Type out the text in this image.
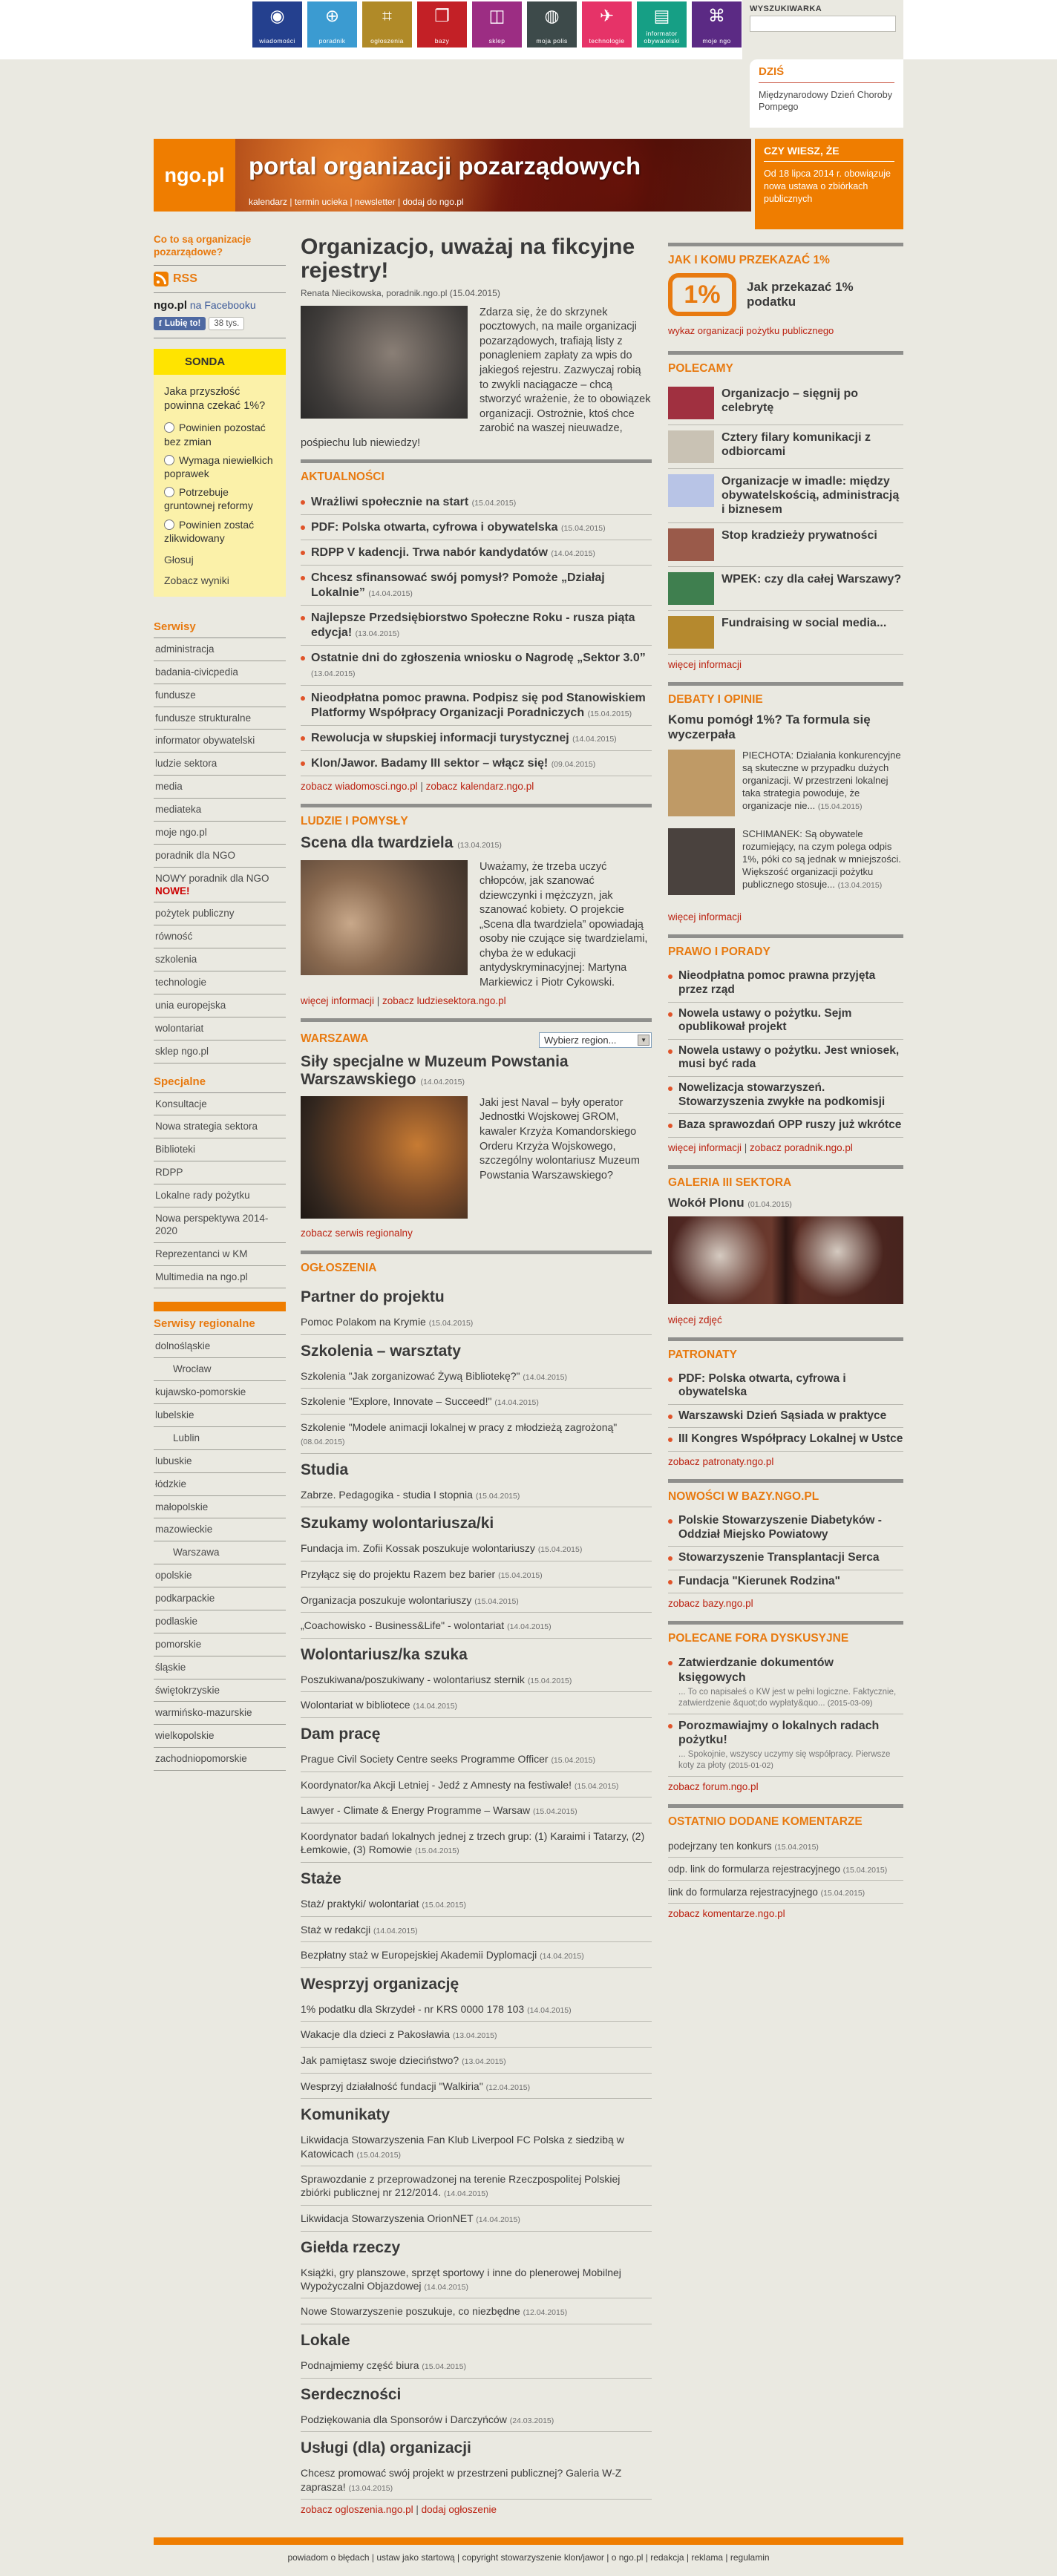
◉
wiadomości
⊕
poradnik
⌗
ogłoszenia
❐
bazy
◫
sklep
◍
moja polis
✈
technologie
▤
informator obywatelski
⌘
moje ngo
WYSZUKIWARKA
DZIŚ
Międzynarodowy Dzień Choroby Pompego
ngo.pl portal organizacji pozarządowych
kalendarz | termin ucieka | newsletter | dodaj do ngo.pl
CZY WIESZ, ŻE
Od 18 lipca 2014 r. obowiązuje nowa ustawa o zbiórkach publicznych
Co to są organizacje pozarządowe?
RSS
ngo.pl na Facebooku
f Lubię to!	38 tys.
SONDA
Jaka przyszłość powinna czekać 1%?
Powinien pozostać bez zmian
Wymaga niewielkich poprawek
Potrzebuje gruntownej reformy
Powinien zostać zlikwidowany
Głosuj
Zobacz wyniki
Serwisy
administracja
badania-civicpedia
fundusze
fundusze strukturalne
informator obywatelski
ludzie sektora
media
mediateka
moje ngo.pl
poradnik dla NGO
NOWY poradnik dla NGO NOWE!
pożytek publiczny
równość
szkolenia
technologie
unia europejska
wolontariat
sklep ngo.pl
Specjalne
Konsultacje
Nowa strategia sektora
Biblioteki
RDPP
Lokalne rady pożytku
Nowa perspektywa 2014-2020
Reprezentanci w KM
Multimedia na ngo.pl
Serwisy regionalne
dolnośląskie
Wrocław
kujawsko-pomorskie
lubelskie
Lublin
lubuskie
łódzkie
małopolskie
mazowieckie
Warszawa
opolskie
podkarpackie
podlaskie
pomorskie
śląskie
świętokrzyskie
warmińsko-mazurskie
wielkopolskie
zachodniopomorskie
Organizacjo, uważaj na fikcyjne rejestry!
Renata Niecikowska, poradnik.ngo.pl (15.04.2015)
Zdarza się, że do skrzynek pocztowych, na maile organizacji pozarządowych, trafiają listy z ponagleniem zapłaty za wpis do jakiegoś rejestru. Zazwyczaj robią to zwykli naciągacze – chcą stworzyć wrażenie, że to obowiązek organizacji. Ostrożnie, ktoś chce zarobić na waszej nieuwadze, pośpiechu lub niewiedzy!
AKTUALNOŚCI
Wrażliwi społecznie na start (15.04.2015)
PDF: Polska otwarta, cyfrowa i obywatelska (15.04.2015)
RDPP V kadencji. Trwa nabór kandydatów (14.04.2015)
Chcesz sfinansować swój pomysł? Pomoże „Działaj Lokalnie” (14.04.2015)
Najlepsze Przedsiębiorstwo Społeczne Roku - rusza piąta edycja! (13.04.2015)
Ostatnie dni do zgłoszenia wniosku o Nagrodę „Sektor 3.0” (13.04.2015)
Nieodpłatna pomoc prawna. Podpisz się pod Stanowiskiem Platformy Współpracy Organizacji Poradniczych (15.04.2015)
Rewolucja w słupskiej informacji turystycznej (14.04.2015)
Klon/Jawor. Badamy III sektor – włącz się! (09.04.2015)
zobacz wiadomosci.ngo.pl | zobacz kalendarz.ngo.pl
LUDZIE I POMYSŁY
Scena dla twardziela (13.04.2015)
Uważamy, że trzeba uczyć chłopców, jak szanować dziewczynki i mężczyzn, jak szanować kobiety. O projekcie „Scena dla twardziela” opowiadają osoby nie czujące się twardzielami, chyba że w edukacji antydyskryminacyjnej: Martyna Markiewicz i Piotr Cykowski.
więcej informacji | zobacz ludziesektora.ngo.pl
WARSZAWA	Wybierz region...	▼
Siły specjalne w Muzeum Powstania Warszawskiego (14.04.2015)
Jaki jest Naval – były operator Jednostki Wojskowej GROM, kawaler Krzyża Komandorskiego Orderu Krzyża Wojskowego, szczególny wolontariusz Muzeum Powstania Warszawskiego?
zobacz serwis regionalny
OGŁOSZENIA
Partner do projektu
Pomoc Polakom na Krymie (15.04.2015)
Szkolenia – warsztaty
Szkolenia "Jak zorganizować Żywą Bibliotekę?" (14.04.2015)
Szkolenie "Explore, Innovate – Succeed!" (14.04.2015)
Szkolenie "Modele animacji lokalnej w pracy z młodzieżą zagrożoną" (08.04.2015)
Studia
Zabrze. Pedagogika - studia I stopnia (15.04.2015)
Szukamy wolontariusza/ki
Fundacja im. Zofii Kossak poszukuje wolontariuszy (15.04.2015)
Przyłącz się do projektu Razem bez barier (15.04.2015)
Organizacja poszukuje wolontariuszy (15.04.2015)
„Coachowisko - Business&Life" - wolontariat (14.04.2015)
Wolontariusz/ka szuka
Poszukiwana/poszukiwany - wolontariusz sternik (15.04.2015)
Wolontariat w bibliotece (14.04.2015)
Dam pracę
Prague Civil Society Centre seeks Programme Officer (15.04.2015)
Koordynator/ka Akcji Letniej - Jedź z Amnesty na festiwale! (15.04.2015)
Lawyer - Climate & Energy Programme – Warsaw (15.04.2015)
Koordynator badań lokalnych jednej z trzech grup: (1) Karaimi i Tatarzy, (2) Łemkowie, (3) Romowie (15.04.2015)
Staże
Staż/ praktyki/ wolontariat (15.04.2015)
Staż w redakcji (14.04.2015)
Bezpłatny staż w Europejskiej Akademii Dyplomacji (14.04.2015)
Wesprzyj organizację
1% podatku dla Skrzydeł - nr KRS 0000 178 103 (14.04.2015)
Wakacje dla dzieci z Pakosławia (13.04.2015)
Jak pamiętasz swoje dzieciństwo? (13.04.2015)
Wesprzyj działalność fundacji "Walkiria" (12.04.2015)
Komunikaty
Likwidacja Stowarzyszenia Fan Klub Liverpool FC Polska z siedzibą w Katowicach (15.04.2015)
Sprawozdanie z przeprowadzonej na terenie Rzeczpospolitej Polskiej zbiórki publicznej nr 212/2014. (14.04.2015)
Likwidacja Stowarzyszenia OrionNET (14.04.2015)
Giełda rzeczy
Książki, gry planszowe, sprzęt sportowy i inne do plenerowej Mobilnej Wypożyczalni Objazdowej (14.04.2015)
Nowe Stowarzyszenie poszukuje, co niezbędne (12.04.2015)
Lokale
Podnajmiemy część biura (15.04.2015)
Serdeczności
Podziękowania dla Sponsorów i Darczyńców (24.03.2015)
Usługi (dla) organizacji
Chcesz promować swój projekt w przestrzeni publicznej? Galeria W-Z zaprasza! (13.04.2015)
zobacz ogloszenia.ngo.pl | dodaj ogłoszenie
JAK I KOMU PRZEKAZAĆ 1%
1%	Jak przekazać 1% podatku
wykaz organizacji pożytku publicznego
POLECAMY
Organizacjo – sięgnij po celebrytę
Cztery filary komunikacji z odbiorcami
Organizacje w imadle: między obywatelskością, administracją i biznesem
Stop kradzieży prywatności
WPEK: czy dla całej Warszawy?
Fundraising w social media...
więcej informacji
DEBATY I OPINIE
Komu pomógł 1%? Ta formula się wyczerpała
PIECHOTA: Działania konkurencyjne są skuteczne w przypadku dużych organizacji. W przestrzeni lokalnej taka strategia powoduje, że organizacje nie... (15.04.2015)
SCHIMANEK: Są obywatele rozumiejący, na czym polega odpis 1%, póki co są jednak w mniejszości. Większość organizacji pożytku publicznego stosuje... (13.04.2015)
więcej informacji
PRAWO I PORADY
Nieodpłatna pomoc prawna przyjęta przez rząd
Nowela ustawy o pożytku. Sejm opublikował projekt
Nowela ustawy o pożytku. Jest wniosek, musi być rada
Nowelizacja stowarzyszeń. Stowarzyszenia zwykłe na podkomisji
Baza sprawozdań OPP ruszy już wkrótce
więcej informacji | zobacz poradnik.ngo.pl
GALERIA III SEKTORA
Wokół Plonu (01.04.2015)
więcej zdjęć
PATRONATY
PDF: Polska otwarta, cyfrowa i obywatelska
Warszawski Dzień Sąsiada w praktyce
III Kongres Współpracy Lokalnej w Ustce
zobacz patronaty.ngo.pl
NOWOŚCI W BAZY.NGO.PL
Polskie Stowarzyszenie Diabetyków - Oddział Miejsko Powiatowy
Stowarzyszenie Transplantacji Serca
Fundacja "Kierunek Rodzina"
zobacz bazy.ngo.pl
POLECANE FORA DYSKUSYJNE
Zatwierdzanie dokumentów księgowych
... To co napisałeś o KW jest w pełni logiczne. Faktycznie, zatwierdzenie &quot;do wypłaty&quo... (2015-03-09)
Porozmawiajmy o lokalnych radach pożytku!
... Spokojnie, wszyscy uczymy się współpracy. Pierwsze koty za płoty (2015-01-02)
zobacz forum.ngo.pl
OSTATNIO DODANE KOMENTARZE
podejrzany ten konkurs (15.04.2015)
odp. link do formularza rejestracyjnego (15.04.2015)
link do formularza rejestracyjnego (15.04.2015)
zobacz komentarze.ngo.pl
powiadom o błędach | ustaw jako startową | copyright stowarzyszenie klon/jawor | o ngo.pl | redakcja | reklama | regulamin
